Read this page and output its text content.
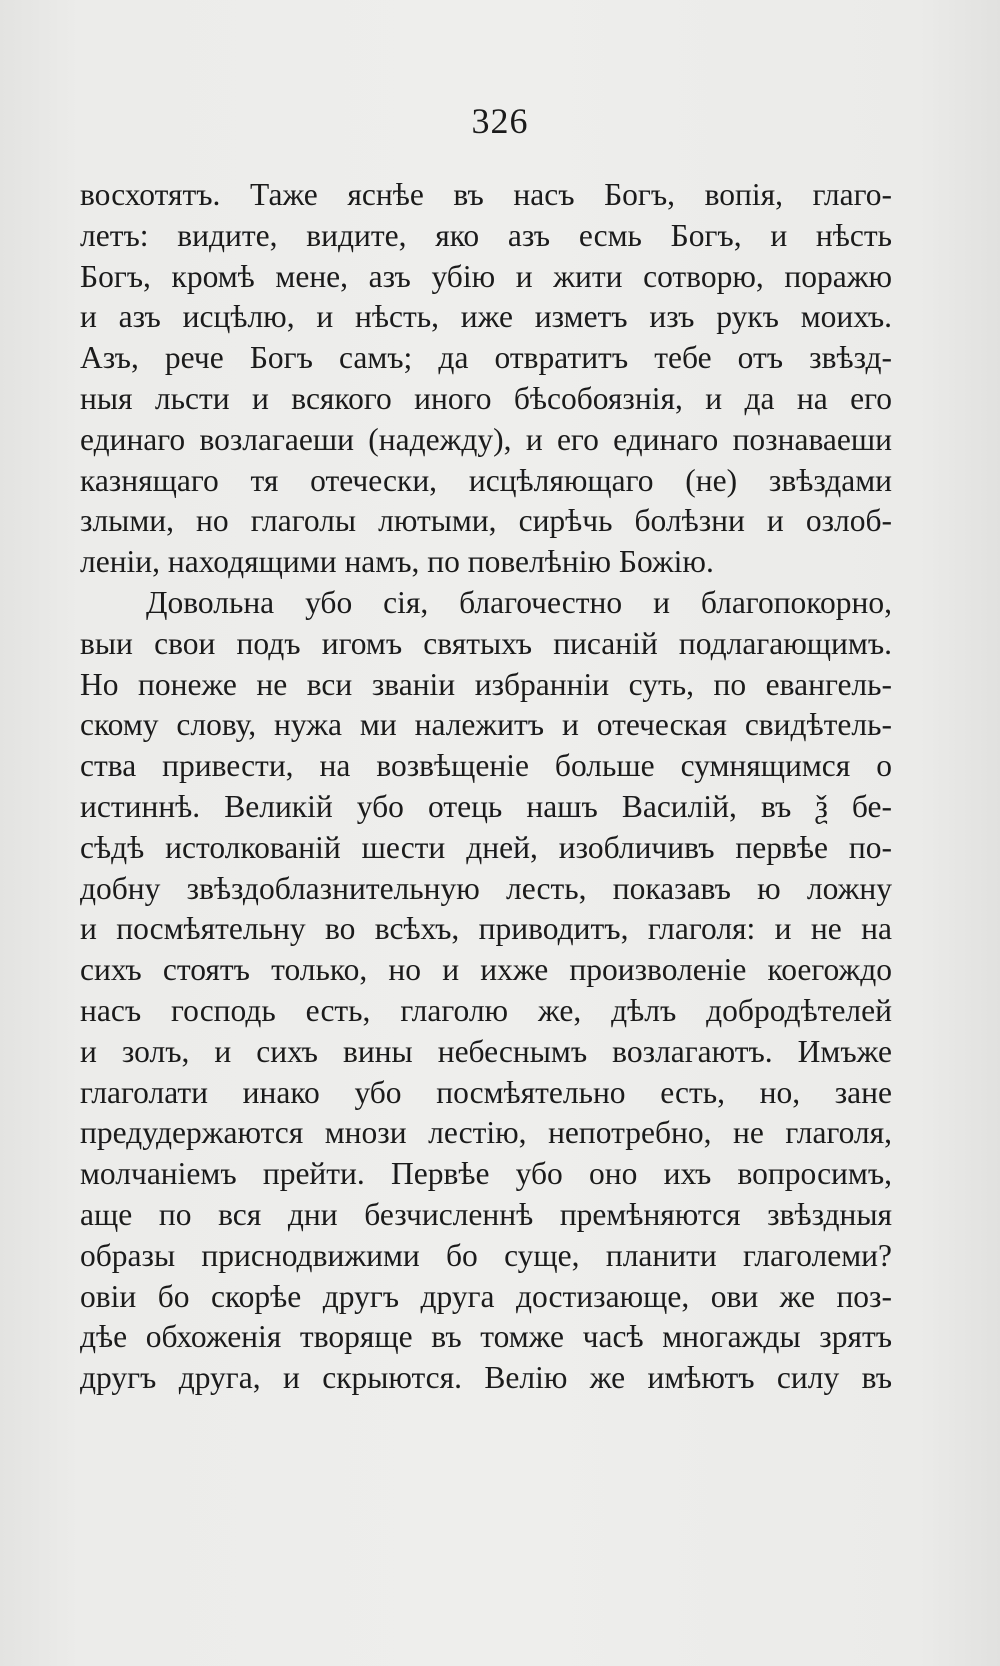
326
восхотятъ. Таже яснѣе въ насъ Богъ, вопія, глаго-
летъ: видите, видите, яко азъ есмь Богъ, и нѣсть
Богъ, кромѣ мене, азъ убію и жити сотворю, поражю
и азъ исцѣлю, и нѣсть, иже изметъ изъ рукъ моихъ.
Азъ, рече Богъ самъ; да отвратитъ тебе отъ звѣзд-
ныя льсти и всякого иного бѣсобоязнія, и да на его
единаго возлагаеши (надежду), и его единаго познаваеши
казнящаго тя отечески, исцѣляющаго (не) звѣздами
злыми, но глаголы лютыми, сирѣчь болѣзни и озлоб-
леніи, находящими намъ, по повелѣнію Божію.
Довольна убо сія, благочестно и благопокорно,
выи свои подъ игомъ святыхъ писаній подлагающимъ.
Но понеже не вси званіи избранніи суть, по евангель-
скому слову, нужа ми належитъ и отеческая свидѣтель-
ства привести, на возвѣщеніе больше сумнящимся о
истиннѣ. Великій убо отець нашъ Василій, въ ѯ бе-
сѣдѣ истолкованій шести дней, изобличивъ первѣе по-
добну звѣздоблазнительную лесть, показавъ ю ложну
и посмѣятельну во всѣхъ, приводитъ, глаголя: и не на
сихъ стоятъ только, но и ихже произволеніе коегождо
насъ господь есть, глаголю же, дѣлъ добродѣтелей
и золъ, и сихъ вины небеснымъ возлагаютъ. Имъже
глаголати инако убо посмѣятельно есть, но, зане
предудержаются мнози лестію, непотребно, не глаголя,
молчаніемъ прейти. Первѣе убо оно ихъ вопросимъ,
аще по вся дни безчисленнѣ премѣняются звѣздныя
образы приснодвижими бо суще, планити глаголеми?
овіи бо скорѣе другъ друга достизающе, ови же поз-
дѣе обхоженія творяще въ томже часѣ многажды зрятъ
другъ друга, и скрыются. Велію же имѣютъ силу въ
